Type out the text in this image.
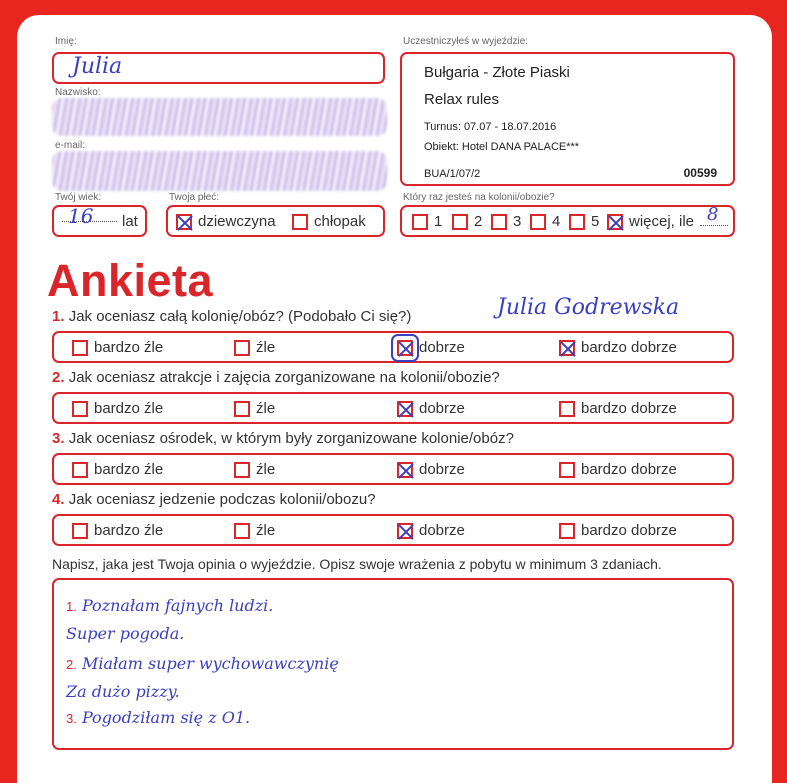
Imię:
Julia
Nazwisko:
e-mail:
Uczestniczyłeś w wyjeździe:
Bułgaria - Złote Piaski
Relax rules
Turnus: 07.07 - 18.07.2016
Obiekt: Hotel DANA PALACE***
BUA/1/07/2	00599
Twój wiek:
16 lat
Twoja płeć:
dziewczyna	chłopak
Który raz jesteś na kolonii/obozie?
1	2	3	4	5	więcej, ile 8
Ankieta
Julia Godrewska
1. Jak oceniasz całą kolonię/obóz? (Podobało Ci się?)
bardzo źle	źle	dobrze	bardzo dobrze
2. Jak oceniasz atrakcje i zajęcia zorganizowane na kolonii/obozie?
bardzo źle	źle	dobrze	bardzo dobrze
3. Jak oceniasz ośrodek, w którym były zorganizowane kolonie/obóz?
bardzo źle	źle	dobrze	bardzo dobrze
4. Jak oceniasz jedzenie podczas kolonii/obozu?
bardzo źle	źle	dobrze	bardzo dobrze
Napisz, jaka jest Twoja opinia o wyjeździe. Opisz swoje wrażenia z pobytu w minimum 3 zdaniach.
1. Poznałam fajnych ludzi.
Super pogoda.
2. Miałam super wychowawczynię
Za dużo pizzy.
3. Pogodziłam się z O1.
